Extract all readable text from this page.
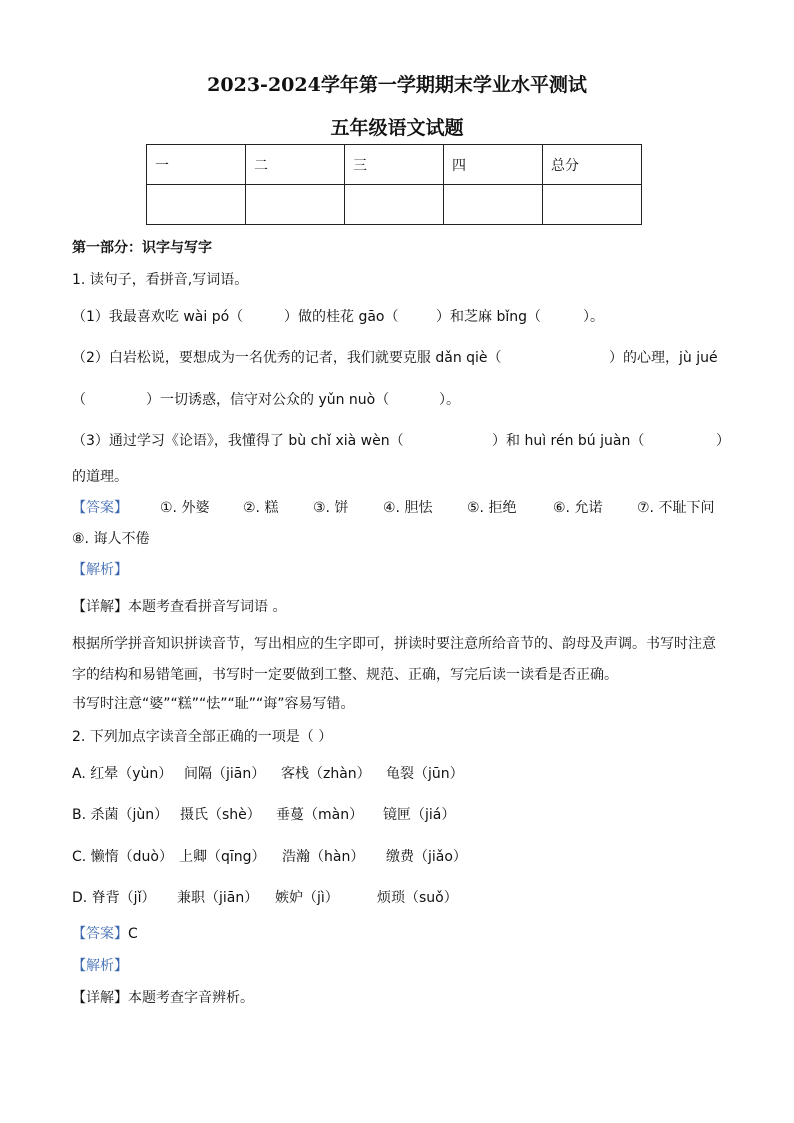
2023-2024学年第一学期期末学业水平测试
五年级语文试题
一	二	三	四	总分

第一部分：识字与写字
1. 读句子，看拼音,写词语。
（1）我最喜欢吃 wài pó（	）做的桂花 gāo（	）和芝麻 bǐng（	）。
（2）白岩松说，要想成为一名优秀的记者，我们就要克服 dǎn qiè（	）的心理，jù jué
（	）一切诱惑，信守对公众的 yǔn nuò（	）。
（3）通过学习《论语》，我懂得了 bù chǐ xià wèn（	）和 huì rén bú juàn（	）
的道理。
【答案】 ①. 外婆 ②. 糕 ③. 饼 ④. 胆怯 ⑤. 拒绝	⑥. 允诺 ⑦. 不耻下问
⑧. 诲人不倦
【解析】
【详解】本题考查看拼音写词语 。
根据所学拼音知识拼读音节，写出相应的生字即可，拼读时要注意所给音节的、韵母及声调。书写时注意字的结构和易错笔画，书写时一定要做到工整、规范、正确，写完后读一读看是否正确。
书写时注意“婆”“糕”“怯”“耻”“诲”容易写错。
2. 下列加点字读音全部正确的一项是（ ）
A. 红晕（yùn） 间隔（jiān） 客栈（zhàn） 龟裂（jūn）
B. 杀菌（jùn） 摄氏（shè） 垂蔓（màn） 镜匣（jiá）
C. 懒惰（duò） 上卿（qīng） 浩瀚（hàn） 缴费（jiǎo）
D. 脊背（jǐ） 兼职（jiān） 嫉妒（jì）	烦琐（suǒ）
【答案】C
【解析】
【详解】本题考查字音辨析。
